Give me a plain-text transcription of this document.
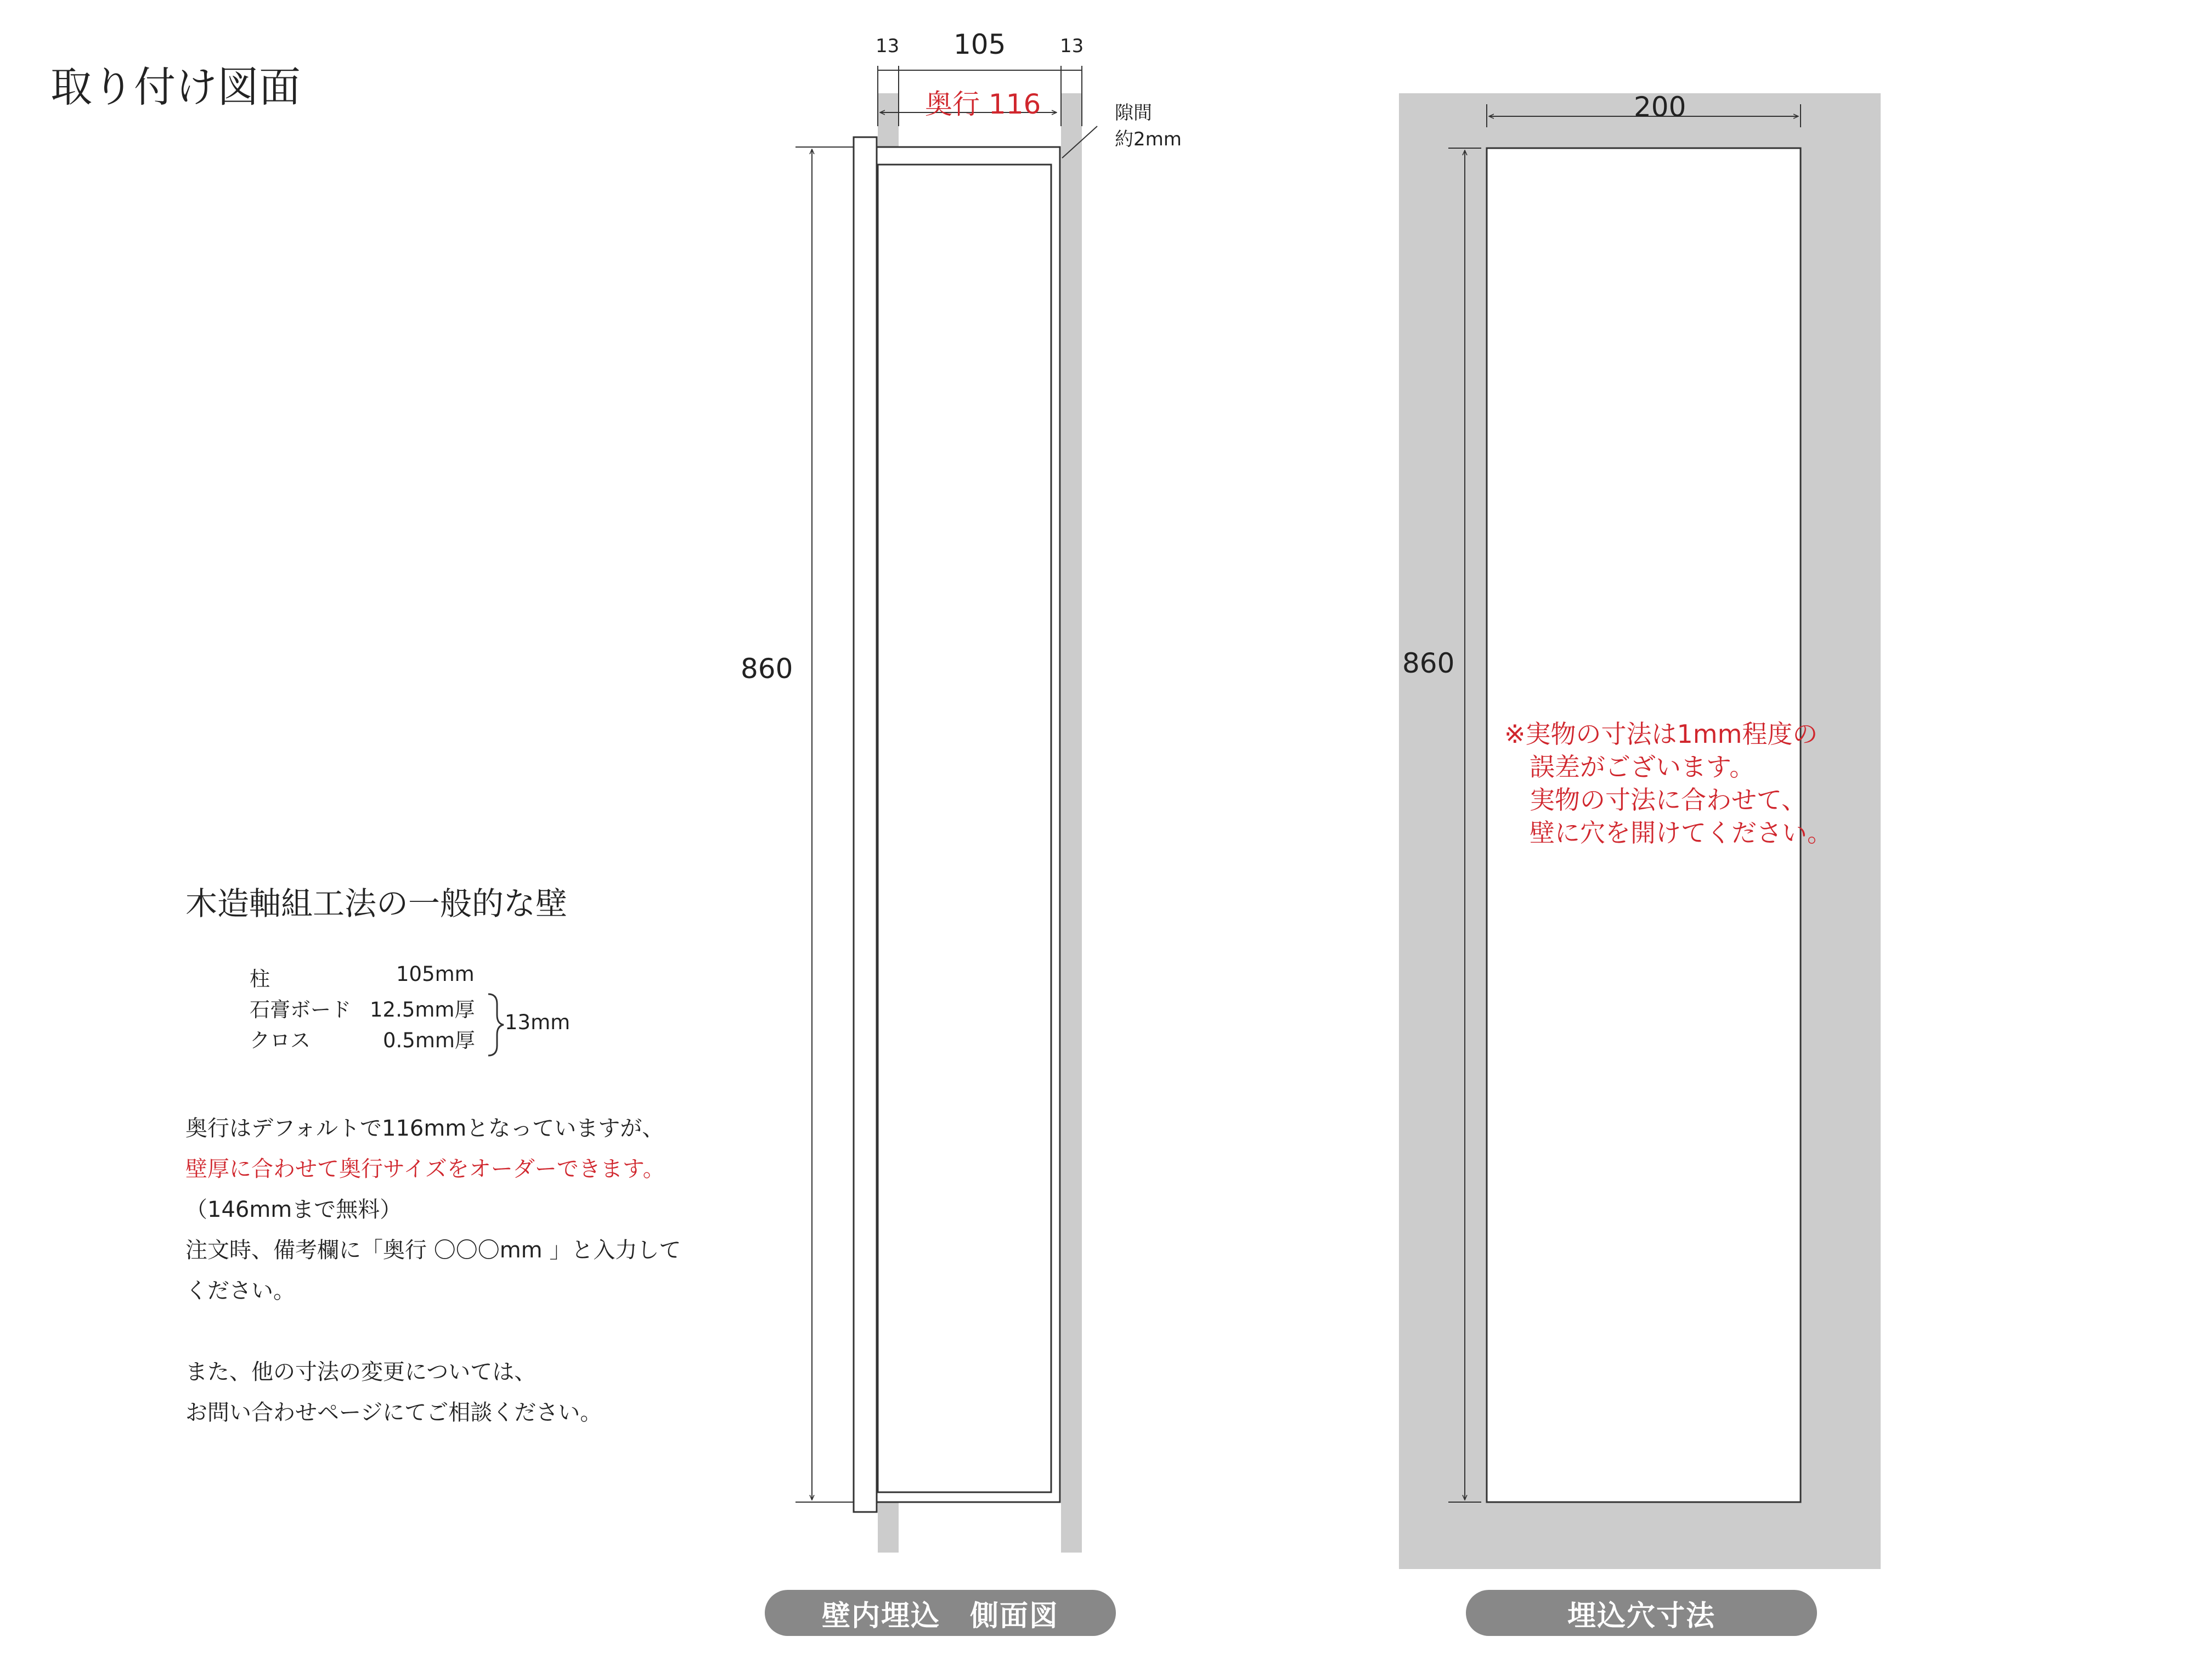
取り付け図面
木造軸組工法の一般的な壁
柱	105mm
石膏ボード 12.5mm厚
クロス	0.5mm厚
13mm
奥行はデフォルトで116mmとなっていますが、
壁厚に合わせて奥行サイズをオーダーできます。
（146mmまで無料）
注文時、備考欄に「奥行 〇〇〇mm 」と入力して
ください。
また、他の寸法の変更については、
お問い合わせページにてご相談ください。
13 105	13
奥行 116	隙間
約2mm
860
壁内埋込　側面図
200
860
※実物の寸法は1mm程度の
　誤差がございます。
　実物の寸法に合わせて、
　壁に穴を開けてください。
埋込穴寸法
